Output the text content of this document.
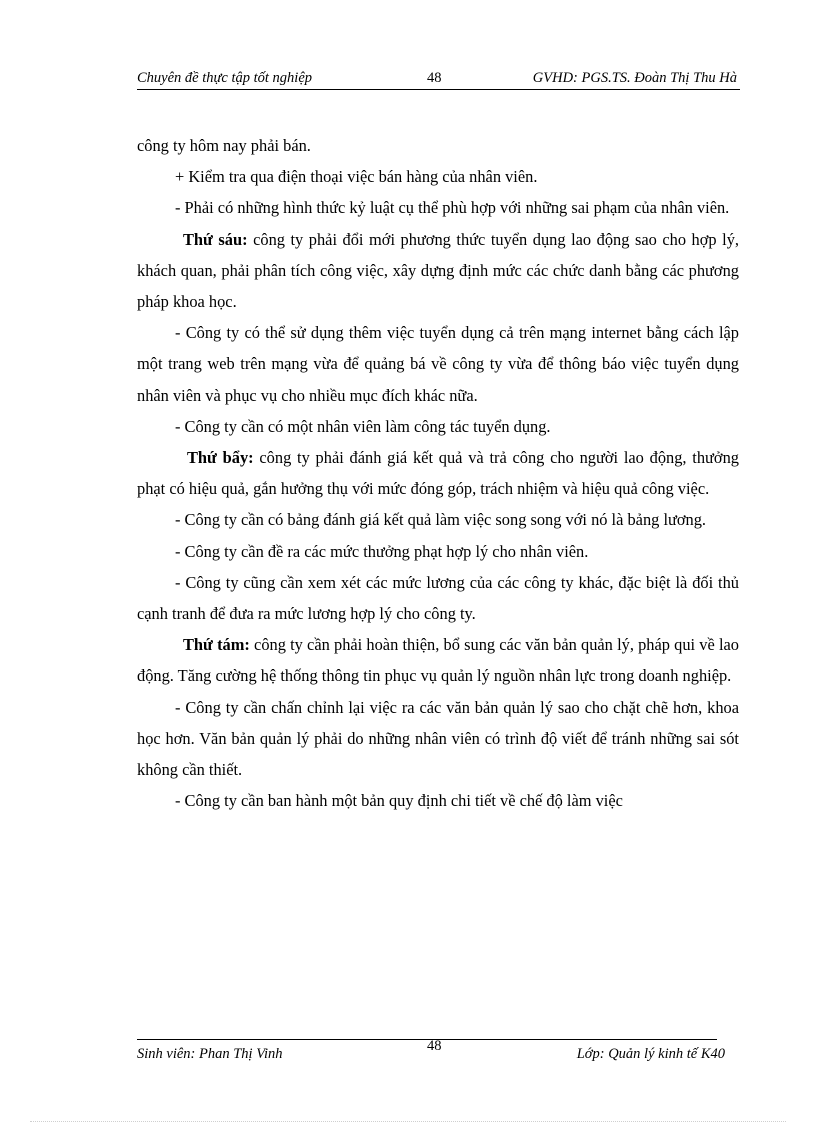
Chuyên đề thực tập tốt nghiệp	48	GVHD: PGS.TS. Đoàn Thị Thu Hà

công ty hôm nay phải bán.

+ Kiểm tra qua điện thoại việc bán hàng của nhân viên.

- Phải có những hình thức kỷ luật cụ thể phù hợp với những sai phạm của nhân viên.

Thứ sáu: công ty phải đổi mới phương thức tuyển dụng lao động sao cho hợp lý, khách quan, phải phân tích công việc, xây dựng định mức các chức danh bằng các phương pháp khoa học.

- Công ty có thể sử dụng thêm việc tuyển dụng cả trên mạng internet bằng cách lập một trang web trên mạng vừa để quảng bá về công ty vừa để thông báo việc tuyển dụng nhân viên và phục vụ cho nhiều mục đích khác nữa.

- Công ty cần có một nhân viên làm công tác tuyển dụng.

Thứ bẩy: công ty phải đánh giá kết quả và trả công cho người lao động, thưởng phạt có hiệu quả, gắn hưởng thụ với mức đóng góp, trách nhiệm và hiệu quả công việc.

- Công ty cần có bảng đánh giá kết quả làm việc song song với nó là bảng lương.

- Công ty cần đề ra các mức thưởng phạt hợp lý cho nhân viên.

- Công ty cũng cần xem xét các mức lương của các công ty khác, đặc biệt là đối thủ cạnh tranh để đưa ra mức lương hợp lý cho công ty.

Thứ tám: công ty cần phải hoàn thiện, bổ sung các văn bản quản lý, pháp qui về lao động. Tăng cường hệ thống thông tin phục vụ quản lý nguồn nhân lực trong doanh nghiệp.

- Công ty cần chấn chỉnh lại việc ra các văn bản quản lý sao cho chặt chẽ hơn, khoa học hơn. Văn bản quản lý phải do những nhân viên có trình độ viết để tránh những sai sót không cần thiết.

- Công ty cần ban hành một bản quy định chi tiết về chế độ làm việc

Sinh viên: Phan Thị Vinh	48	Lớp: Quản lý kinh tế K40
